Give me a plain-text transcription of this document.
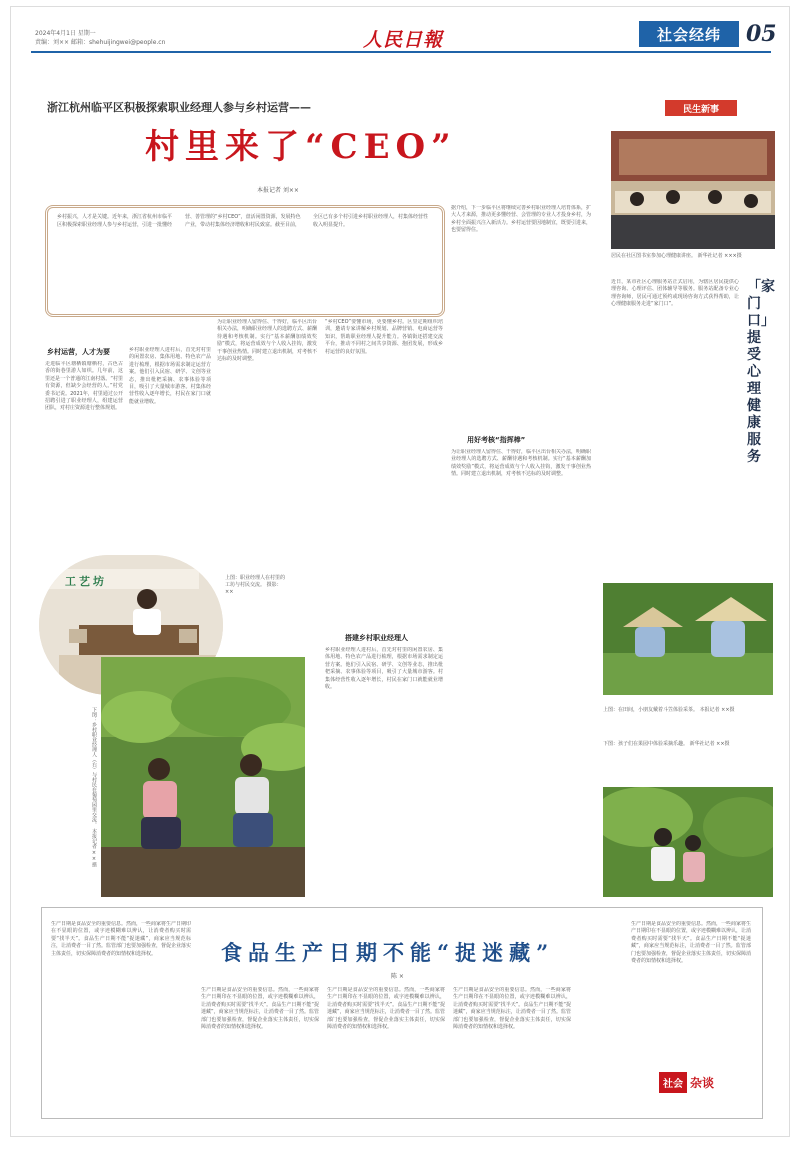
2024年4月1日 星期一
责编：刘×× 邮箱：shehuijingwei@people.cn	人民日報	社会经纬	05
浙江杭州临平区积极探索职业经理人参与乡村运营——
村里来了“CEO”
本报记者 刘××
乡村振兴，人才是关键。近年来，浙江省杭州市临平区积极探索职业经理人参与乡村运营，引进一批懂经营、善管理的“乡村CEO”，盘活闲置资源，发展特色产业，带动村集体经济增收和村民致富。截至目前，全区已有多个村引进乡村职业经理人，村集体经营性收入明显提升。
乡村运营，人才为要
走进临平区塘栖镇塘栖村，古色古香的街巷里游人如织。几年前，这里还是一个普通的江南村落。“村里有资源，但缺少会经营的人。”村党委书记说。2021年，村里通过公开招聘引进了职业经理人，组建运营团队，对村庄资源进行整体规划。
乡村职业经理人进村后，首先对村里的闲置农房、集体用地、特色农产品进行梳理，根据市场需求制定运营方案。他们引入民宿、研学、文创等业态，推出枇杷采摘、农事体验等项目，吸引了大量城市游客。村集体经营性收入逐年增长，村民在家门口就能就业增收。
为让职业经理人留得住、干得好，临平区出台相关办法，明确职业经理人的选聘方式、薪酬待遇和考核机制。实行“基本薪酬加绩效奖励”模式，将运营成效与个人收入挂钩，激发干事创业热情。同时建立退出机制，对考核不达标的及时调整。
“乡村CEO”要懂市场，更要懂乡村。区里定期组织培训，邀请专家讲解乡村规划、品牌营销、电商运营等知识，帮助职业经理人提升能力。各镇街还搭建交流平台，推动不同村之间共享资源、抱团发展，形成乡村运营的良好氛围。
据介绍，下一步临平区将继续完善乡村职业经理人培育体系，扩大人才来源，推动更多懂经营、会管理的专业人才投身乡村，为乡村全面振兴注入新活力。乡村运营要因地制宜，既要引进来，也要留得住。
用好考核“指挥棒”
为让职业经理人留得住、干得好，临平区出台相关办法，明确职业经理人的选聘方式、薪酬待遇和考核机制。实行“基本薪酬加绩效奖励”模式，将运营成效与个人收入挂钩，激发干事创业热情。同时建立退出机制，对考核不达标的及时调整。
搭建乡村职业经理人
乡村职业经理人进村后，首先对村里的闲置农房、集体用地、特色农产品进行梳理，根据市场需求制定运营方案。他们引入民宿、研学、文创等业态，推出枇杷采摘、农事体验等项目，吸引了大量城市游客。村集体经营性收入逐年增长，村民在家门口就能就业增收。
工艺坊	上图：职业经理人在村里的工坊与村民交流。 摄影：××
下图：乡村职业经理人（右）与村民在葡萄园里交流。 本报记者 ××摄
民生新事
居民在社区图书室参加心理健康讲座。 新华社记者 ×××摄
近日，某市社区心理服务站正式启用，为辖区居民提供心理咨询、心理评估、团体辅导等服务。服务站配备专业心理咨询师，居民可通过预约或现场咨询方式获得帮助，让心理健康服务走进“家门口”。
「家门口」提受心理健康服务
上图：在田间，小朋友戴着斗笠体验采茶。 本报记者 ××摄
下图：孩子们在果园中体验采摘乐趣。 新华社记者 ××摄
生产日期是食品安全的重要信息。然而，一些商家将生产日期印在不显眼的位置，或字迹模糊难以辨认，让消费者购买时需要“找半天”。食品生产日期不能“捉迷藏”，商家应当规范标注，让消费者一目了然。监管部门也要加强检查，督促企业落实主体责任，切实保障消费者的知情权和选择权。	食品生产日期不能“捉迷藏”
陈 ×
生产日期是食品安全的重要信息。然而，一些商家将生产日期印在不显眼的位置，或字迹模糊难以辨认，让消费者购买时需要“找半天”。食品生产日期不能“捉迷藏”，商家应当规范标注，让消费者一目了然。监管部门也要加强检查，督促企业落实主体责任，切实保障消费者的知情权和选择权。
生产日期是食品安全的重要信息。然而，一些商家将生产日期印在不显眼的位置，或字迹模糊难以辨认，让消费者购买时需要“找半天”。食品生产日期不能“捉迷藏”，商家应当规范标注，让消费者一目了然。监管部门也要加强检查，督促企业落实主体责任，切实保障消费者的知情权和选择权。
生产日期是食品安全的重要信息。然而，一些商家将生产日期印在不显眼的位置，或字迹模糊难以辨认，让消费者购买时需要“找半天”。食品生产日期不能“捉迷藏”，商家应当规范标注，让消费者一目了然。监管部门也要加强检查，督促企业落实主体责任，切实保障消费者的知情权和选择权。
生产日期是食品安全的重要信息。然而，一些商家将生产日期印在不显眼的位置，或字迹模糊难以辨认，让消费者购买时需要“找半天”。食品生产日期不能“捉迷藏”，商家应当规范标注，让消费者一目了然。监管部门也要加强检查，督促企业落实主体责任，切实保障消费者的知情权和选择权。
社会 杂谈
